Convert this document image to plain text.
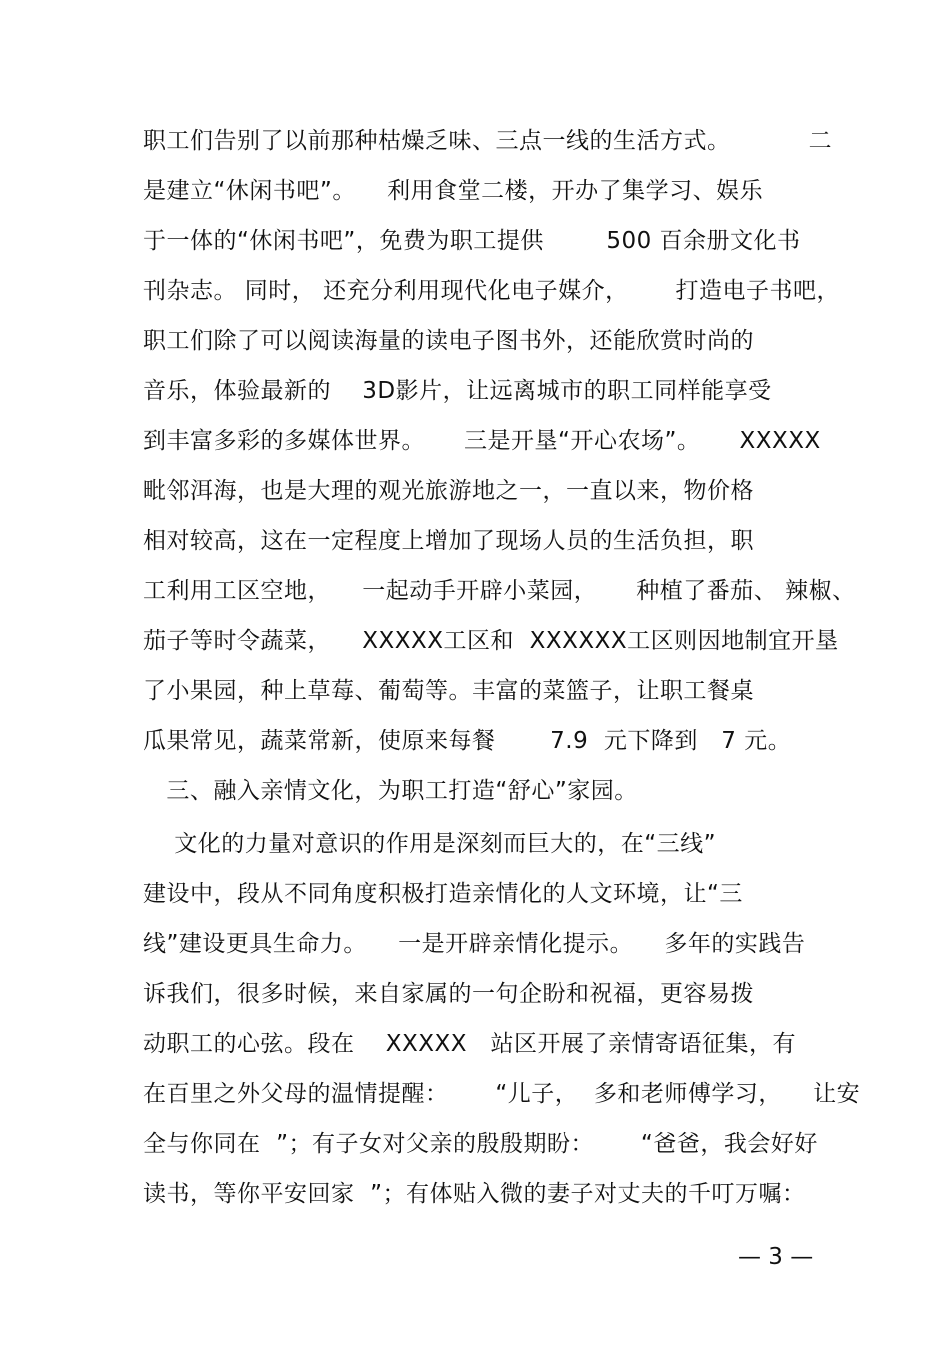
职工们告别了以前那种枯燥乏味、三点一线的生活方式。          二
是建立“休闲书吧”。    利用食堂二楼，开办了集学习、娱乐
于一体的“休闲书吧”，免费为职工提供        500 百余册文化书
刊杂志。 同时， 还充分利用现代化电子媒介，      打造电子书吧，
职工们除了可以阅读海量的读电子图书外，还能欣赏时尚的
音乐，体验最新的    3D影片，让远离城市的职工同样能享受
到丰富多彩的多媒体世界。     三是开垦“开心农场”。     XXXXX
毗邻洱海，也是大理的观光旅游地之一，一直以来，物价格
相对较高，这在一定程度上增加了现场人员的生活负担，职
工利用工区空地，    一起动手开辟小菜园，     种植了番茄、 辣椒、
茄子等时令蔬菜，    XXXXX工区和  XXXXXX工区则因地制宜开垦
了小果园，种上草莓、葡萄等。丰富的菜篮子，让职工餐桌
瓜果常见，蔬菜常新，使原来每餐       7.9  元下降到   7 元。
三、融入亲情文化，为职工打造“舒心”家园。
文化的力量对意识的作用是深刻而巨大的，在“三线”
建设中，段从不同角度积极打造亲情化的人文环境，让“三
线”建设更具生命力。    一是开辟亲情化提示。    多年的实践告
诉我们，很多时候，来自家属的一句企盼和祝福，更容易拨
动职工的心弦。段在    XXXXX   站区开展了亲情寄语征集，有
在百里之外父母的温情提醒：      “儿子，  多和老师傅学习，    让安
全与你同在  ”；有子女对父亲的殷殷期盼：      “爸爸，我会好好
读书，等你平安回家  ”；有体贴入微的妻子对丈夫的千叮万嘱：
— 3 —
